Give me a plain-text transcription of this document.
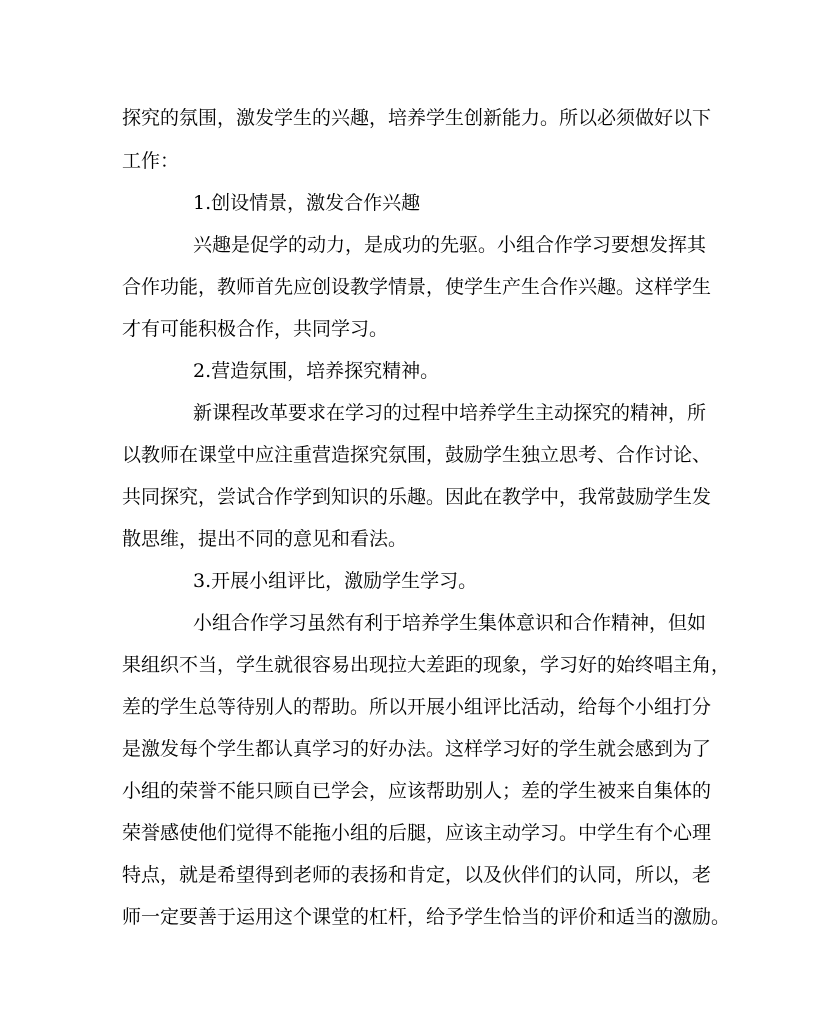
探究的氛围，激发学生的兴趣，培养学生创新能力。所以必须做好以下
工作：
1.创设情景，激发合作兴趣
兴趣是促学的动力，是成功的先驱。小组合作学习要想发挥其
合作功能，教师首先应创设教学情景，使学生产生合作兴趣。这样学生
才有可能积极合作，共同学习。
2.营造氛围，培养探究精神。
新课程改革要求在学习的过程中培养学生主动探究的精神，所
以教师在课堂中应注重营造探究氛围，鼓励学生独立思考、合作讨论、
共同探究，尝试合作学到知识的乐趣。因此在教学中，我常鼓励学生发
散思维，提出不同的意见和看法。
3.开展小组评比，激励学生学习。
小组合作学习虽然有利于培养学生集体意识和合作精神，但如
果组织不当，学生就很容易出现拉大差距的现象，学习好的始终唱主角，
差的学生总等待别人的帮助。所以开展小组评比活动，给每个小组打分
是激发每个学生都认真学习的好办法。这样学习好的学生就会感到为了
小组的荣誉不能只顾自已学会，应该帮助别人；差的学生被来自集体的
荣誉感使他们觉得不能拖小组的后腿，应该主动学习。中学生有个心理
特点，就是希望得到老师的表扬和肯定，以及伙伴们的认同，所以，老
师一定要善于运用这个课堂的杠杆，给予学生恰当的评价和适当的激励。
